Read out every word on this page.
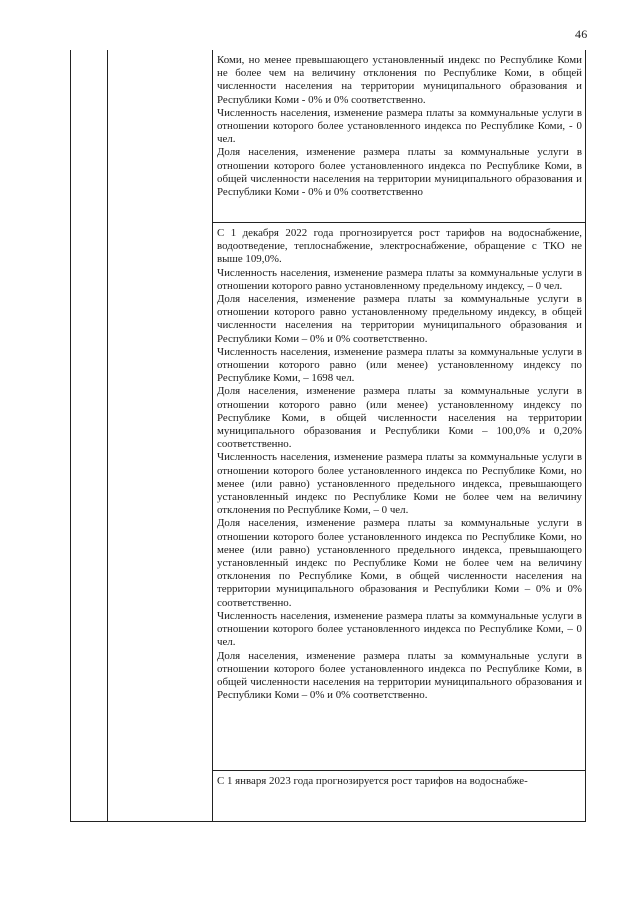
46

Коми, но менее превышающего установленный индекс по Республике Коми не более чем на величину отклонения по Республике Коми, в общей численности населения на территории муниципального образования и Республики Коми - 0% и 0% соответственно.

Численность населения, изменение размера платы за коммунальные услуги в отношении которого более установленного индекса по Республике Коми, - 0 чел.

Доля населения, изменение размера платы за коммунальные услуги в отношении которого более установленного индекса по Республике Коми, в общей численности населения на территории муниципального образования и Республики Коми - 0% и 0% соответственно

С 1 декабря 2022 года прогнозируется рост тарифов на водоснабжение, водоотведение, теплоснабжение, электроснабжение, обращение с ТКО не выше 109,0%.

Численность населения, изменение размера платы за коммунальные услуги в отношении которого равно установленному предельному индексу, – 0 чел.

Доля населения, изменение размера платы за коммунальные услуги в отношении которого равно установленному предельному индексу, в общей численности населения на территории муниципального образования и Республики Коми – 0% и 0% соответственно.

Численность населения, изменение размера платы за коммунальные услуги в отношении которого равно (или менее) установленному индексу по Республике Коми, – 1698 чел.

Доля населения, изменение размера платы за коммунальные услуги в отношении которого равно (или менее) установленному индексу по Республике Коми, в общей численности населения на территории муниципального образования и Республики Коми – 100,0% и 0,20% соответственно.

Численность населения, изменение размера платы за коммунальные услуги в отношении которого более установленного индекса по Республике Коми, но менее (или равно) установленного предельного индекса, превышающего установленный индекс по Республике Коми не более чем на величину отклонения по Республике Коми, – 0 чел.

Доля населения, изменение размера платы за коммунальные услуги в отношении которого более установленного индекса по Республике Коми, но менее (или равно) установленного предельного индекса, превышающего установленный индекс по Республике Коми не более чем на величину отклонения по Республике Коми, в общей численности населения на территории муниципального образования и Республики Коми – 0% и 0% соответственно.

Численность населения, изменение размера платы за коммунальные услуги в отношении которого более установленного индекса по Республике Коми, – 0 чел.

Доля населения, изменение размера платы за коммунальные услуги в отношении которого более установленного индекса по Республике Коми, в общей численности населения на территории муниципального образования и Республики Коми – 0% и 0% соответственно.

С 1 января 2023 года прогнозируется рост тарифов на водоснабже-
